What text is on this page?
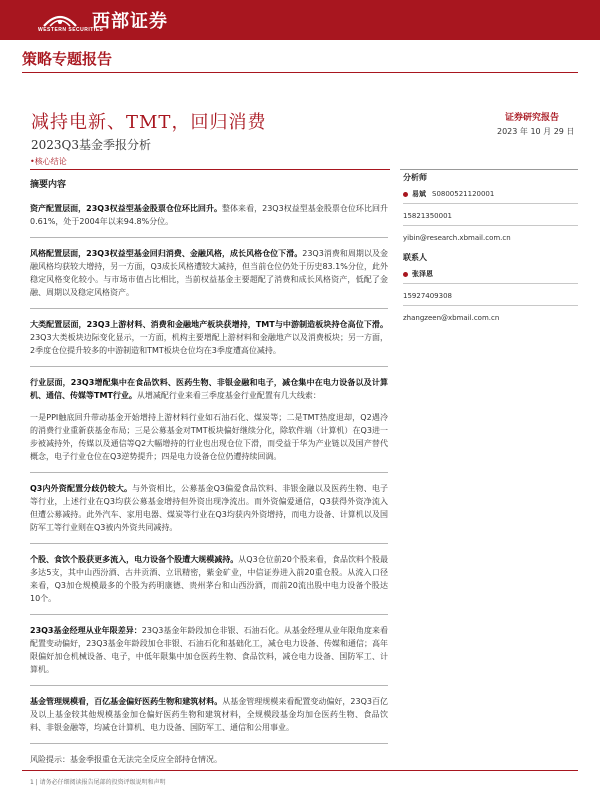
WESTERN SECURITIES
西部证券
策略专题报告
减持电新、TMT，回归消费
2023Q3基金季报分析
证券研究报告
2023 年 10 月 29 日
•核心结论
摘要内容

资产配置层面，23Q3权益型基金股票仓位环比回升。整体来看，23Q3权益型基金股票仓位环比回升0.61%，处于2004年以来94.8%分位。

风格配置层面，23Q3权益型基金回归消费、金融风格，成长风格仓位下滑。23Q3消费和周期以及金融风格均获较大增持，另一方面，Q3成长风格遭较大减持，但当前仓位仍处于历史83.1%分位，此外稳定风格变化较小。与市场市值占比相比，当前权益基金主要超配了消费和成长风格资产，低配了金融、周期以及稳定风格资产。

大类配置层面，23Q3上游材料、消费和金融地产板块获增持，TMT与中游制造板块持仓高位下滑。23Q3大类板块边际变化显示，一方面，机构主要增配上游材料和金融地产以及消费板块；另一方面，2季度仓位提升较多的中游制造和TMT板块仓位均在3季度遭高位减持。

行业层面，23Q3增配集中在食品饮料、医药生物、非银金融和电子，减仓集中在电力设备以及计算机、通信、传媒等TMT行业。从增减配行业来看三季度基金行业配置有几大线索：

一是PPI触底回升带动基金开始增持上游材料行业如石油石化、煤炭等；二是TMT热度退却，Q2遇冷的消费行业重新获基金布局；三是公募基金对TMT板块偏好继续分化，除软件端（计算机）在Q3进一步被减持外，传媒以及通信等Q2大幅增持的行业也出现仓位下滑，而受益于华为产业链以及国产替代概念，电子行业仓位在Q3逆势提升；四是电力设备仓位仍遭持续回调。

Q3内外资配置分歧仍较大。与外资相比，公募基金Q3偏爱食品饮料、非银金融以及医药生物、电子等行业，上述行业在Q3均获公募基金增持但外资出现净流出。而外资偏爱通信，Q3获得外资净流入但遭公募减持。此外汽车、家用电器、煤炭等行业在Q3均获内外资增持，而电力设备、计算机以及国防军工等行业则在Q3被内外资共同减持。

个股、食饮个股获更多流入，电力设备个股遭大规模减持。从Q3仓位前20个股来看，食品饮料个股最多达5支，其中山西汾酒、古井贡酒、立讯精密，紫金矿业，中信证券进入前20重仓股。从流入口径来看，Q3加仓规模最多的个股为药明康德、贵州茅台和山西汾酒，而前20流出股中电力设备个股达10个。

23Q3基金经理从业年限差异：23Q3基金年龄段加仓非银、石油石化。从基金经理从业年限角度来看配置变动偏好，23Q3基金年龄段加仓非银、石油石化和基础化工，减仓电力设备、传媒和通信；高年限偏好加仓机械设备、电子，中低年限集中加仓医药生物、食品饮料，减仓电力设备、国防军工、计算机。

基金管理规模看，百亿基金偏好医药生物和建筑材料。从基金管理规模来看配置变动偏好，23Q3百亿及以上基金较其他规模基金加仓偏好医药生物和建筑材料，全规模段基金均加仓医药生物、食品饮料、非银金融等，均减仓计算机、电力设备、国防军工、通信和公用事业。

风险提示：基金季报重仓无法完全反应全部持仓情况。

分析师
易斌 S0800521120001
15821350001
yibin@research.xbmail.com.cn
联系人
张泽恩
15927409308
zhangzeen@xbmail.com.cn
1 | 请务必仔细阅读报告尾部的投资评级说明和声明
